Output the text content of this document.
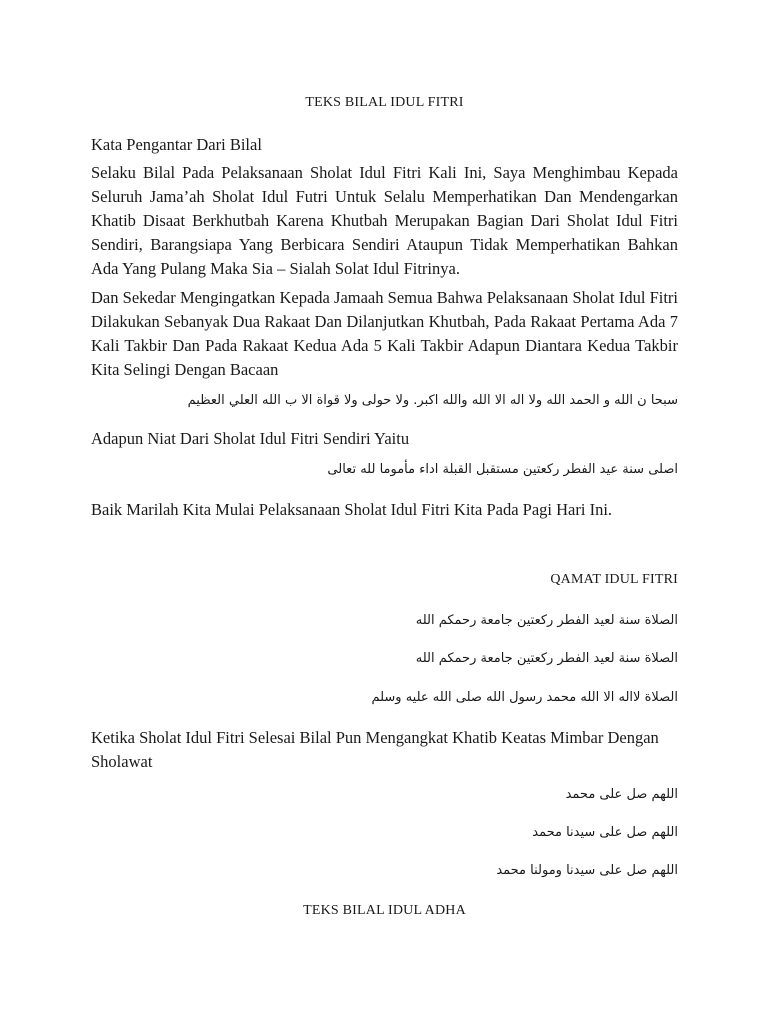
TEKS BILAL IDUL FITRI
Kata Pengantar Dari Bilal
Selaku Bilal Pada Pelaksanaan Sholat Idul Fitri Kali Ini, Saya Menghimbau Kepada Seluruh Jama’ah Sholat Idul Futri Untuk Selalu Memperhatikan Dan Mendengarkan Khatib Disaat Berkhutbah Karena Khutbah Merupakan Bagian Dari Sholat Idul Fitri Sendiri, Barangsiapa Yang Berbicara Sendiri Ataupun Tidak Memperhatikan Bahkan Ada Yang Pulang Maka Sia – Sialah Solat Idul Fitrinya.
Dan Sekedar Mengingatkan Kepada Jamaah Semua Bahwa Pelaksanaan Sholat Idul Fitri Dilakukan Sebanyak Dua Rakaat Dan Dilanjutkan Khutbah, Pada Rakaat Pertama Ada 7 Kali Takbir Dan Pada Rakaat Kedua Ada 5 Kali Takbir Adapun Diantara Kedua Takbir Kita Selingi Dengan Bacaan
سبحا ن الله و الحمد الله ولا اله الا الله والله اكبر. ولا حولى ولا قواة الا ب الله العلي العظيم
Adapun Niat Dari Sholat Idul Fitri Sendiri Yaitu
اصلى سنة عيد الفطر ركعتين مستقبل القبلة اداء مأموما لله تعالى
Baik Marilah Kita Mulai Pelaksanaan Sholat Idul Fitri Kita Pada Pagi Hari Ini.
QAMAT IDUL FITRI
الصلاة سنة لعيد الفطر ركعتين جامعة رحمكم الله
الصلاة سنة لعيد الفطر ركعتين جامعة رحمكم الله
الصلاة لااله الا الله محمد رسول الله صلى الله عليه وسلم
Ketika Sholat Idul Fitri Selesai Bilal Pun Mengangkat Khatib Keatas Mimbar Dengan Sholawat
اللهم صل على محمد
اللهم صل على سيدنا محمد
اللهم صل على سيدنا ومولنا محمد
TEKS BILAL IDUL ADHA
